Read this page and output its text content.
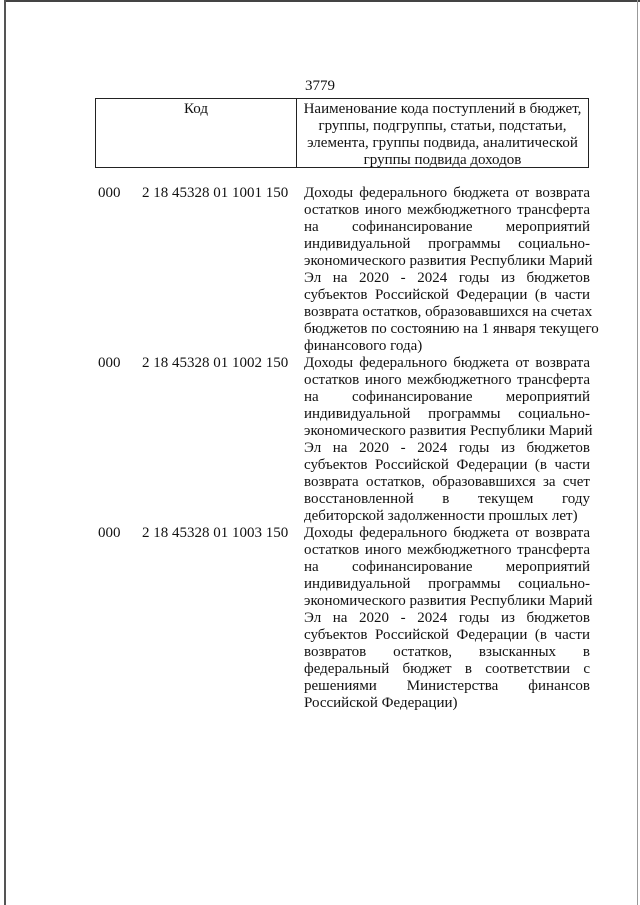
3779
Код	Наименование кода поступлений в бюджет,
группы, подгруппы, статьи, подстатьи,
элемента, группы подвида, аналитической
группы подвида доходов
000	2 18 45328 01 1001 150	Доходы федерального бюджета от возврата
остатков иного межбюджетного трансферта
на софинансирование мероприятий
индивидуальной программы социально-
экономического развития Республики Марий
Эл на 2020 - 2024 годы из бюджетов
субъектов Российской Федерации (в части
возврата остатков, образовавшихся на счетах
бюджетов по состоянию на 1 января текущего
финансового года)
000	2 18 45328 01 1002 150	Доходы федерального бюджета от возврата
остатков иного межбюджетного трансферта
на софинансирование мероприятий
индивидуальной программы социально-
экономического развития Республики Марий
Эл на 2020 - 2024 годы из бюджетов
субъектов Российской Федерации (в части
возврата остатков, образовавшихся за счет
восстановленной в текущем году
дебиторской задолженности прошлых лет)
000	2 18 45328 01 1003 150	Доходы федерального бюджета от возврата
остатков иного межбюджетного трансферта
на софинансирование мероприятий
индивидуальной программы социально-
экономического развития Республики Марий
Эл на 2020 - 2024 годы из бюджетов
субъектов Российской Федерации (в части
возвратов остатков, взысканных в
федеральный бюджет в соответствии с
решениями Министерства финансов
Российской Федерации)
